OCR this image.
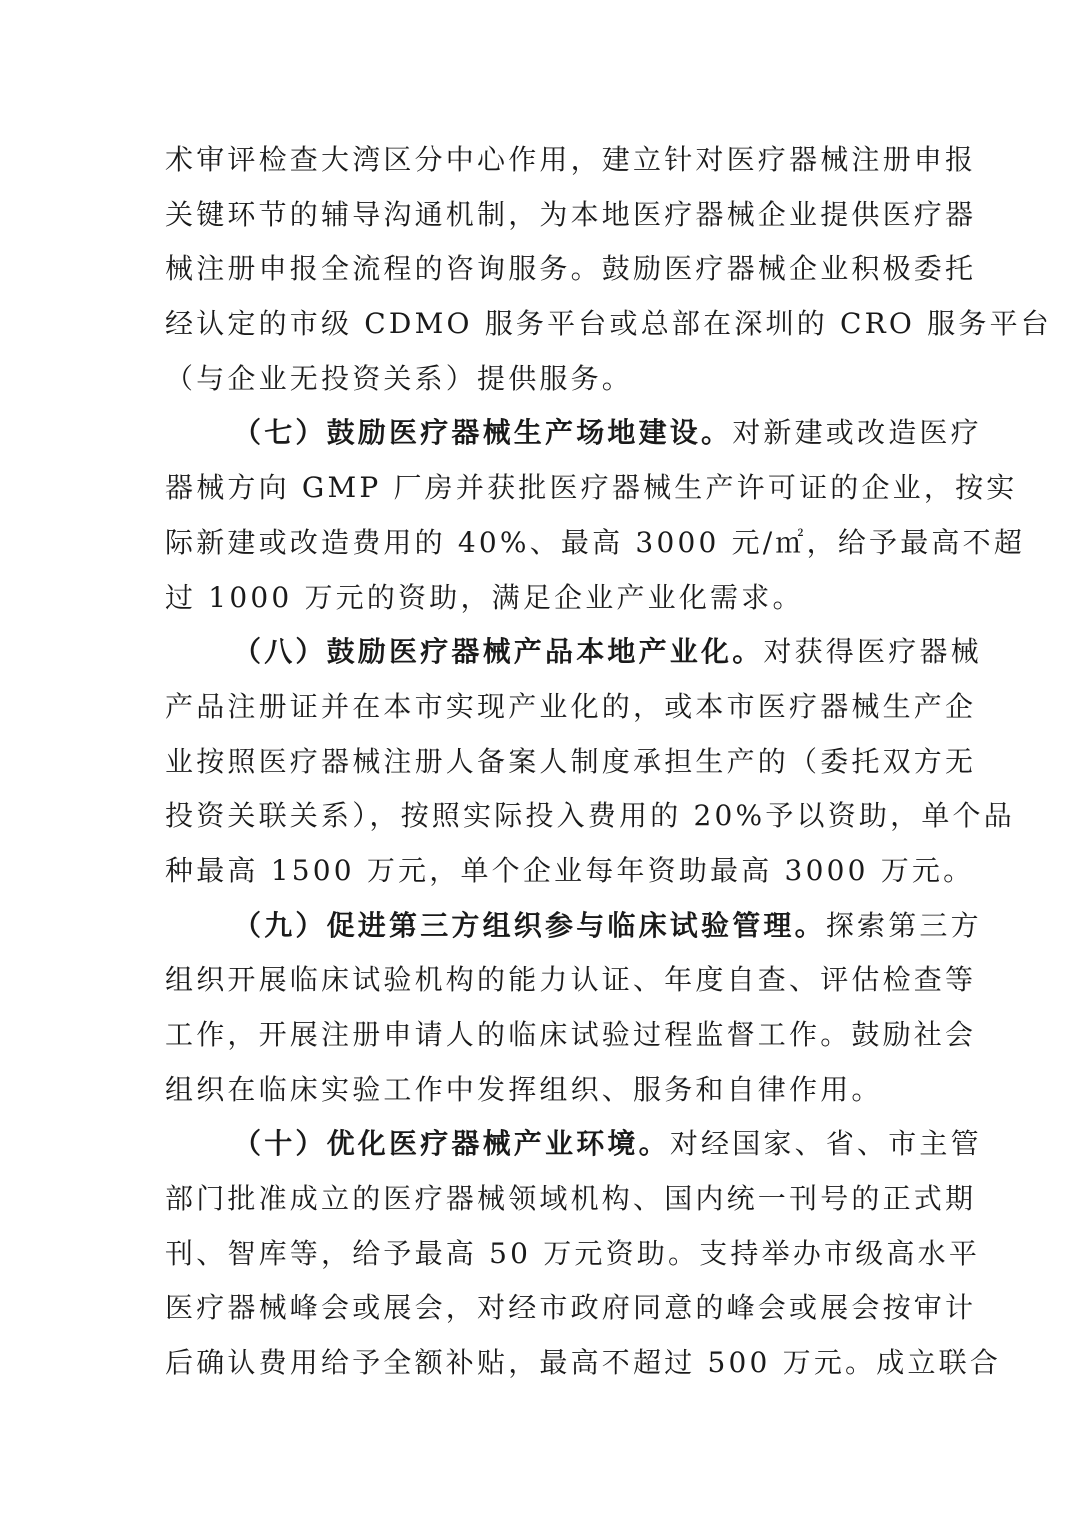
术审评检查大湾区分中心作用，建立针对医疗器械注册申报
关键环节的辅导沟通机制，为本地医疗器械企业提供医疗器
械注册申报全流程的咨询服务。鼓励医疗器械企业积极委托
经认定的市级 CDMO 服务平台或总部在深圳的 CRO 服务平台
（与企业无投资关系）提供服务。
（七）鼓励医疗器械生产场地建设。对新建或改造医疗
器械方向 GMP 厂房并获批医疗器械生产许可证的企业，按实
际新建或改造费用的 40%、最高 3000 元/㎡，给予最高不超
过 1000 万元的资助，满足企业产业化需求。
（八）鼓励医疗器械产品本地产业化。对获得医疗器械
产品注册证并在本市实现产业化的，或本市医疗器械生产企
业按照医疗器械注册人备案人制度承担生产的（委托双方无
投资关联关系），按照实际投入费用的 20%予以资助，单个品
种最高 1500 万元，单个企业每年资助最高 3000 万元。
（九）促进第三方组织参与临床试验管理。探索第三方
组织开展临床试验机构的能力认证、年度自查、评估检查等
工作，开展注册申请人的临床试验过程监督工作。鼓励社会
组织在临床实验工作中发挥组织、服务和自律作用。
（十）优化医疗器械产业环境。对经国家、省、市主管
部门批准成立的医疗器械领域机构、国内统一刊号的正式期
刊、智库等，给予最高 50 万元资助。支持举办市级高水平
医疗器械峰会或展会，对经市政府同意的峰会或展会按审计
后确认费用给予全额补贴，最高不超过 500 万元。成立联合
